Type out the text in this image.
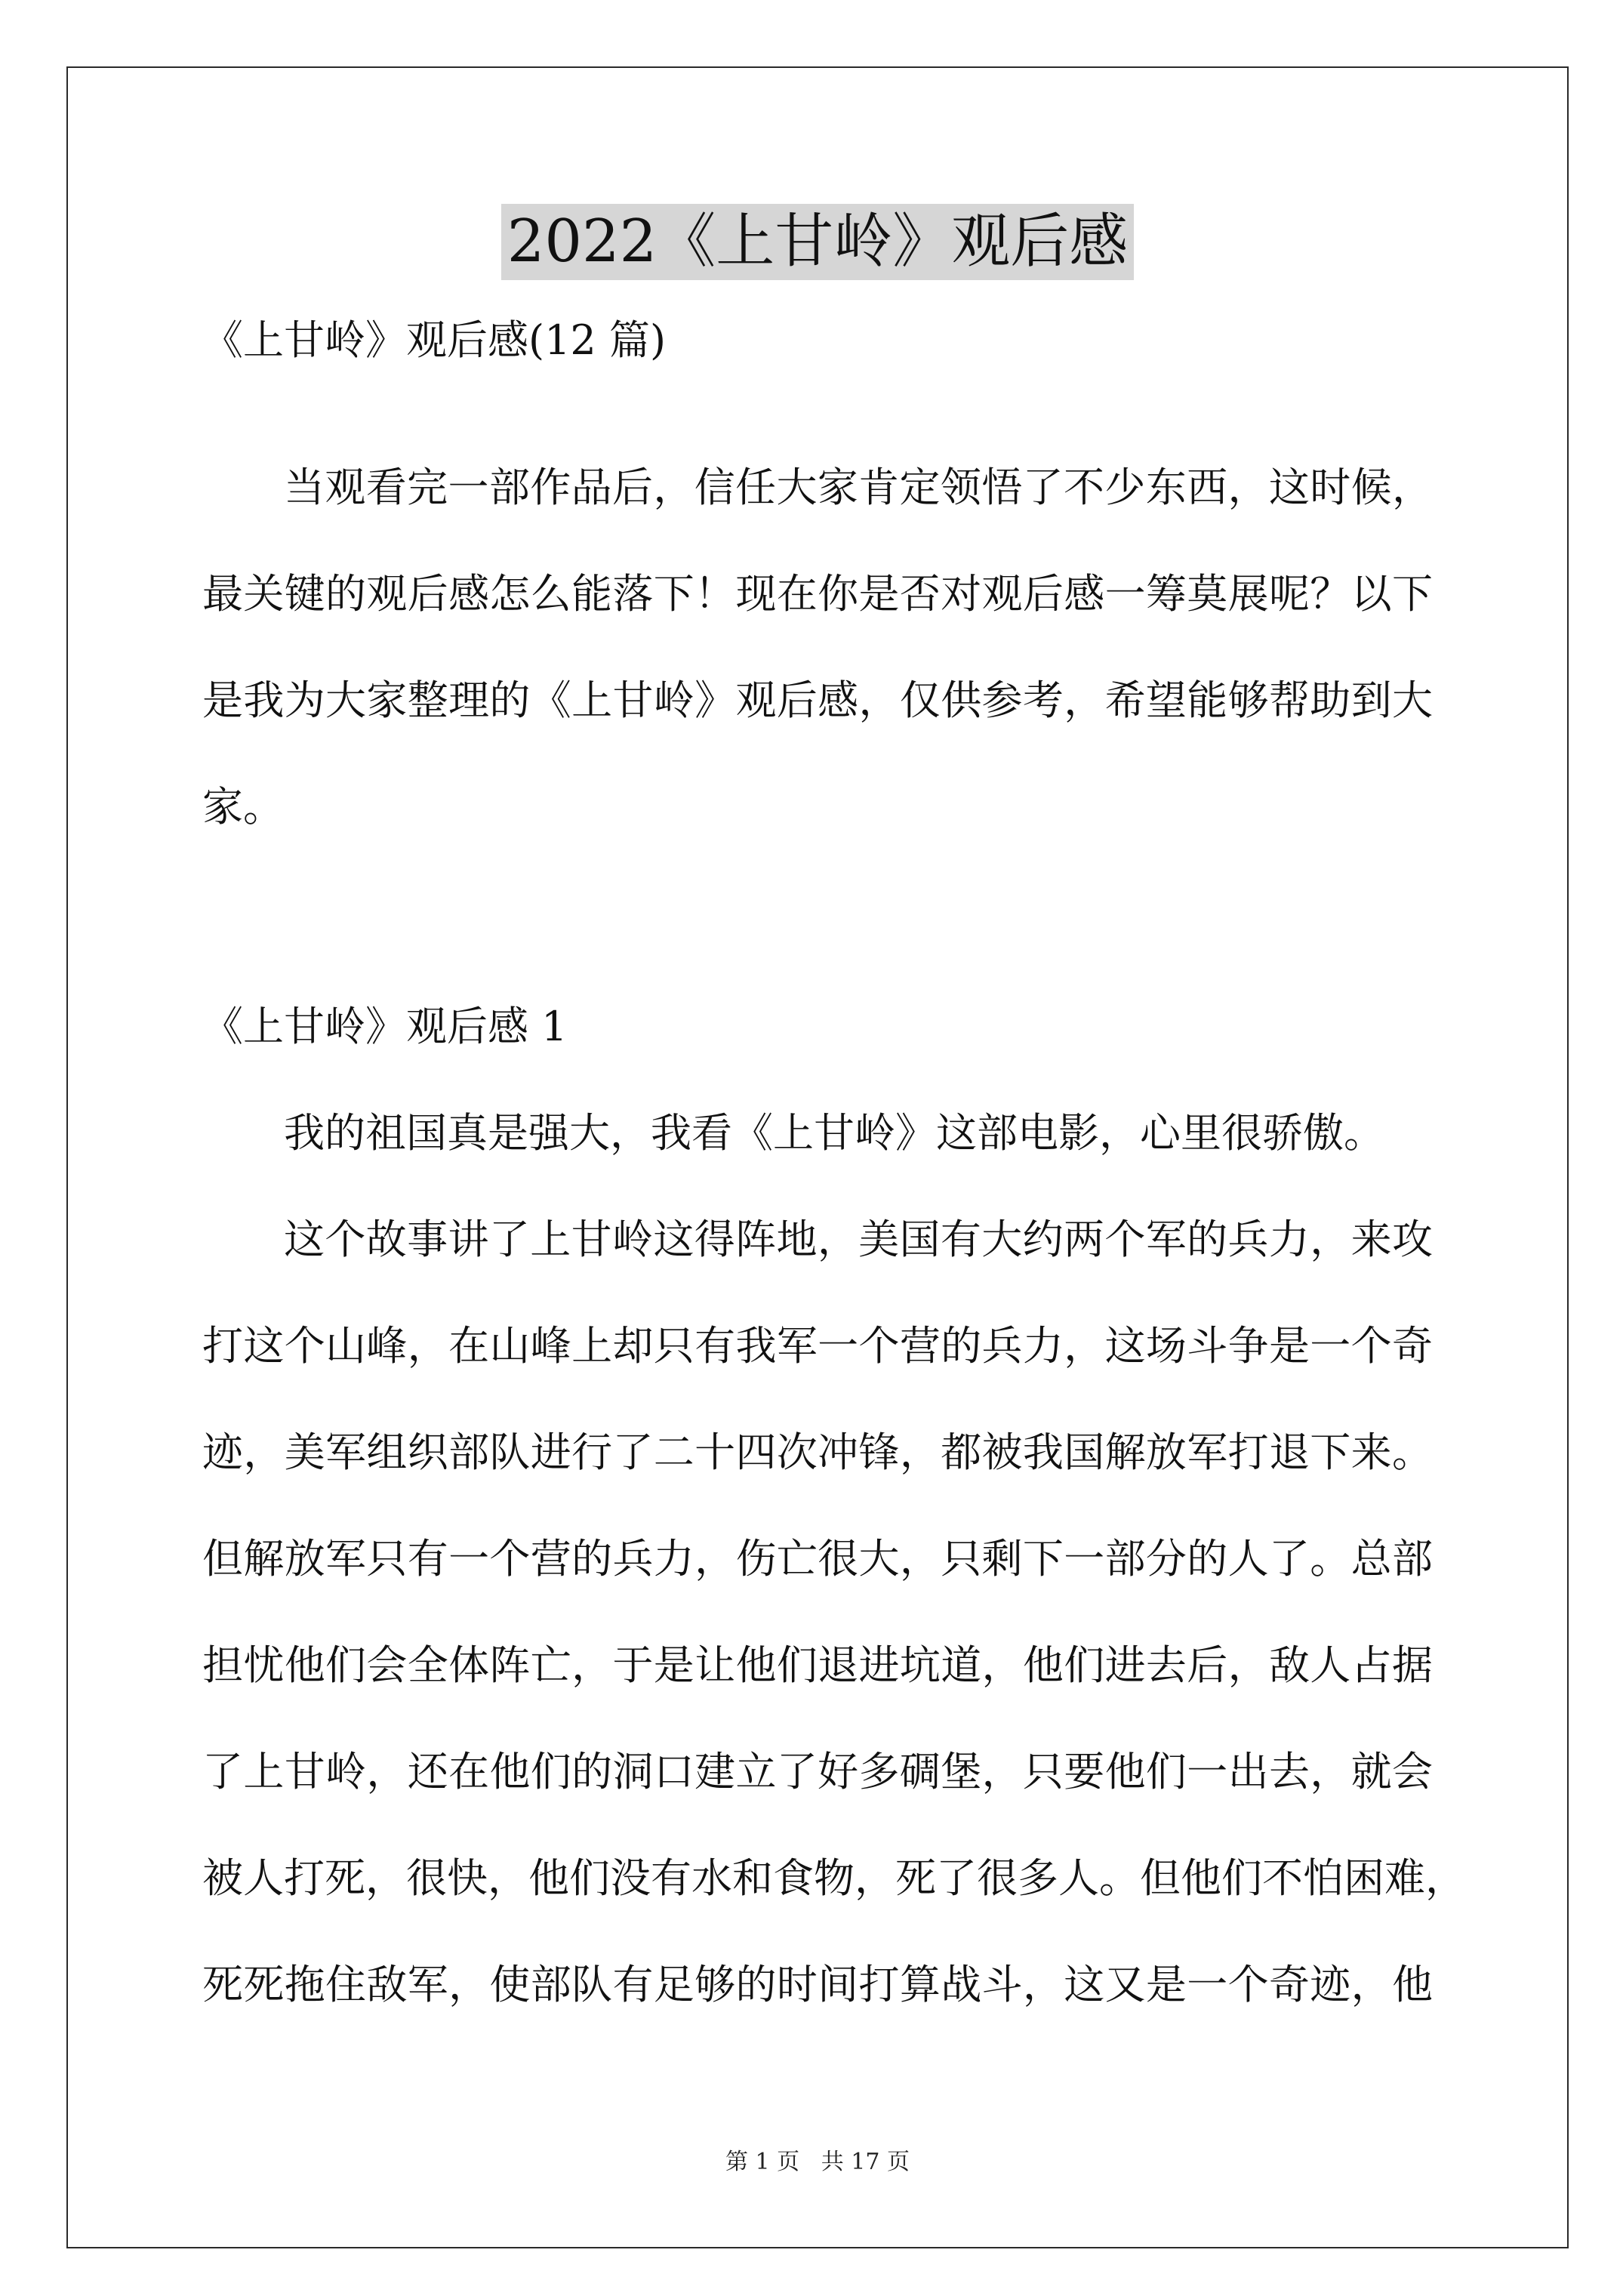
2022《上甘岭》观后感
《上甘岭》观后感(12 篇)
当观看完一部作品后，信任大家肯定领悟了不少东西，这时候，
最关键的观后感怎么能落下！现在你是否对观后感一筹莫展呢？以下
是我为大家整理的《上甘岭》观后感，仅供参考，希望能够帮助到大
家。
《上甘岭》观后感 1
我的祖国真是强大，我看《上甘岭》这部电影，心里很骄傲。
这个故事讲了上甘岭这得阵地，美国有大约两个军的兵力，来攻
打这个山峰，在山峰上却只有我军一个营的兵力，这场斗争是一个奇
迹，美军组织部队进行了二十四次冲锋，都被我国解放军打退下来。
但解放军只有一个营的兵力，伤亡很大，只剩下一部分的人了。总部
担忧他们会全体阵亡，于是让他们退进坑道，他们进去后，敌人占据
了上甘岭，还在他们的洞口建立了好多碉堡，只要他们一出去，就会
被人打死，很快，他们没有水和食物，死了很多人。但他们不怕困难，
死死拖住敌军，使部队有足够的时间打算战斗，这又是一个奇迹，他
第 1 页   共 17 页
